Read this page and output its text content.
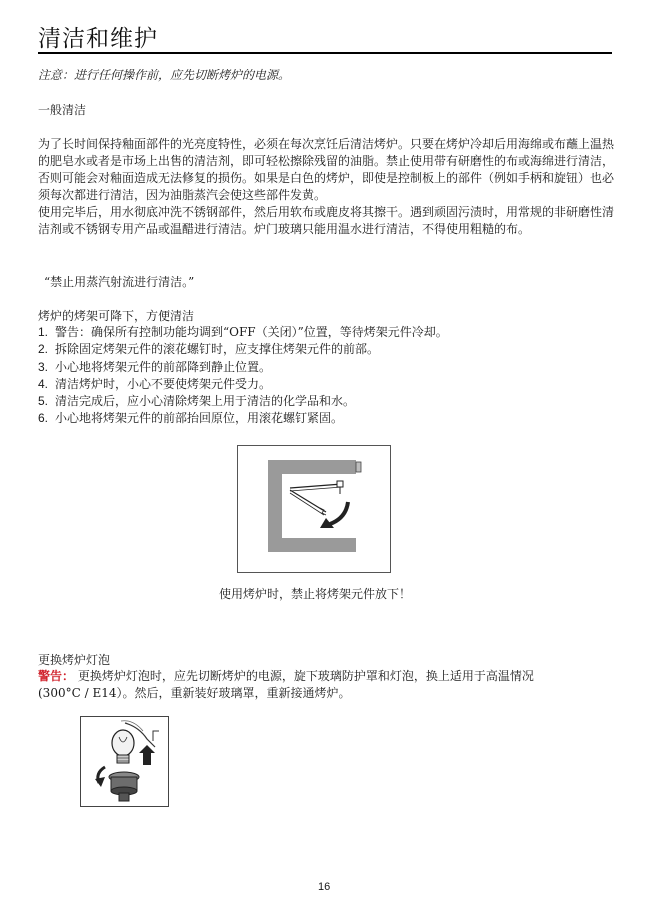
清洁和维护
注意：进行任何操作前，应先切断烤炉的电源。
一般清洁

为了长时间保持釉面部件的光亮度特性，必须在每次烹饪后清洁烤炉。只要在烤炉冷却后用海绵或布蘸上温热的肥皂水或者是市场上出售的清洁剂，即可轻松擦除残留的油脂。禁止使用带有研磨性的布或海绵进行清洁，否则可能会对釉面造成无法修复的损伤。如果是白色的烤炉，即使是控制板上的部件（例如手柄和旋钮）也必须每次都进行清洁，因为油脂蒸汽会使这些部件发黄。

使用完毕后，用水彻底冲洗不锈钢部件，然后用软布或鹿皮将其擦干。遇到顽固污渍时，用常规的非研磨性清洁剂或不锈钢专用产品或温醋进行清洁。炉门玻璃只能用温水进行清洁，不得使用粗糙的布。

“禁止用蒸汽射流进行清洁。”
烤炉的烤架可降下，方便清洁
1. 警告：确保所有控制功能均调到“OFF（关闭）”位置，等待烤架元件冷却。
2. 拆除固定烤架元件的滚花螺钉时，应支撑住烤架元件的前部。
3. 小心地将烤架元件的前部降到静止位置。
4. 清洁烤炉时，小心不要使烤架元件受力。
5. 清洁完成后，应小心清除烤架上用于清洁的化学品和水。
6. 小心地将烤架元件的前部抬回原位，用滚花螺钉紧固。
使用烤炉时，禁止将烤架元件放下！
更换烤炉灯泡

警告： 更换烤炉灯泡时，应先切断烤炉的电源，旋下玻璃防护罩和灯泡，换上适用于高温情况

(300°C / E14）。然后，重新装好玻璃罩，重新接通烤炉。

16
